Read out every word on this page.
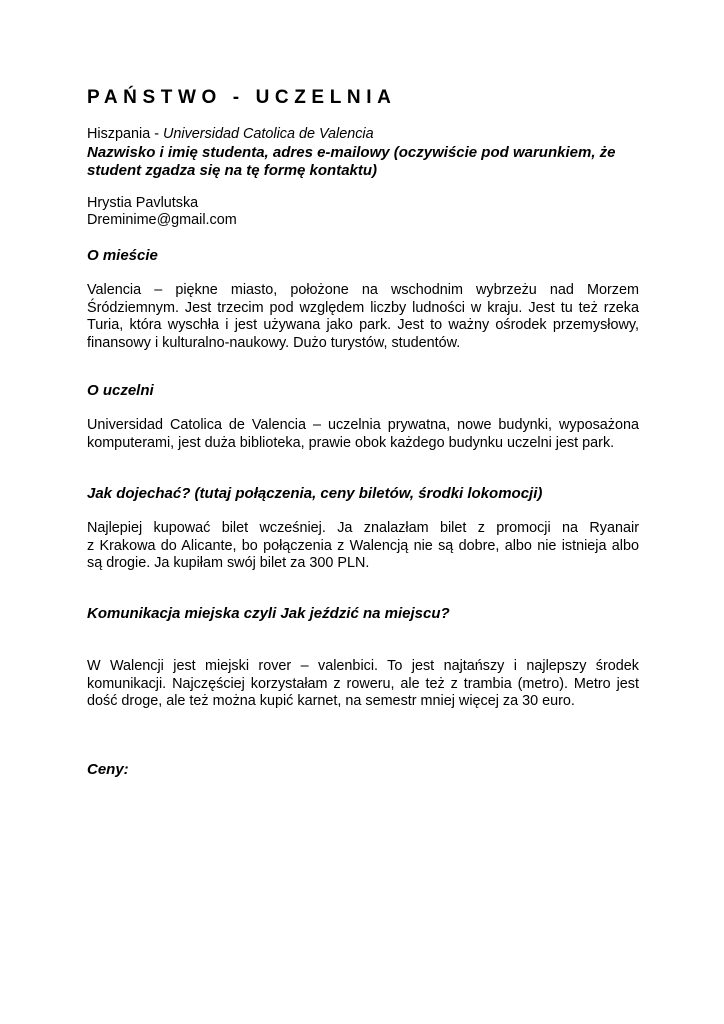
PAŃSTWO - UCZELNIA
Hiszpania - Universidad Catolica de Valencia
Nazwisko i imię studenta, adres e-mailowy (oczywiście pod warunkiem, że
student zgadza się na tę formę kontaktu)
Hrystia Pavlutska
Dreminime@gmail.com
O mieście
Valencia – piękne miasto, położone na wschodnim wybrzeżu nad Morzem
Śródziemnym. Jest trzecim pod względem liczby ludności w kraju. Jest tu też rzeka
Turia, która wyschła i jest używana jako park. Jest to ważny ośrodek przemysłowy,
finansowy i kulturalno-naukowy. Dużo turystów, studentów.
O uczelni
Universidad Catolica de Valencia – uczelnia prywatna, nowe budynki, wyposażona
komputerami, jest duża biblioteka, prawie obok każdego budynku uczelni jest park.
Jak dojechać? (tutaj połączenia, ceny biletów, środki lokomocji)
Najlepiej kupować bilet wcześniej. Ja znalazłam bilet z promocji na Ryanair
z Krakowa do Alicante, bo połączenia z Walencją nie są dobre, albo nie istnieja albo
są drogie. Ja kupiłam swój bilet za 300 PLN.
Komunikacja miejska czyli Jak jeździć na miejscu?
W Walencji jest miejski rover – valenbici. To jest najtańszy i najlepszy środek
komunikacji. Najczęściej korzystałam z roweru, ale też z trambia (metro). Metro jest
dość droge, ale też można kupić karnet, na semestr mniej więcej za 30 euro.
Ceny:
